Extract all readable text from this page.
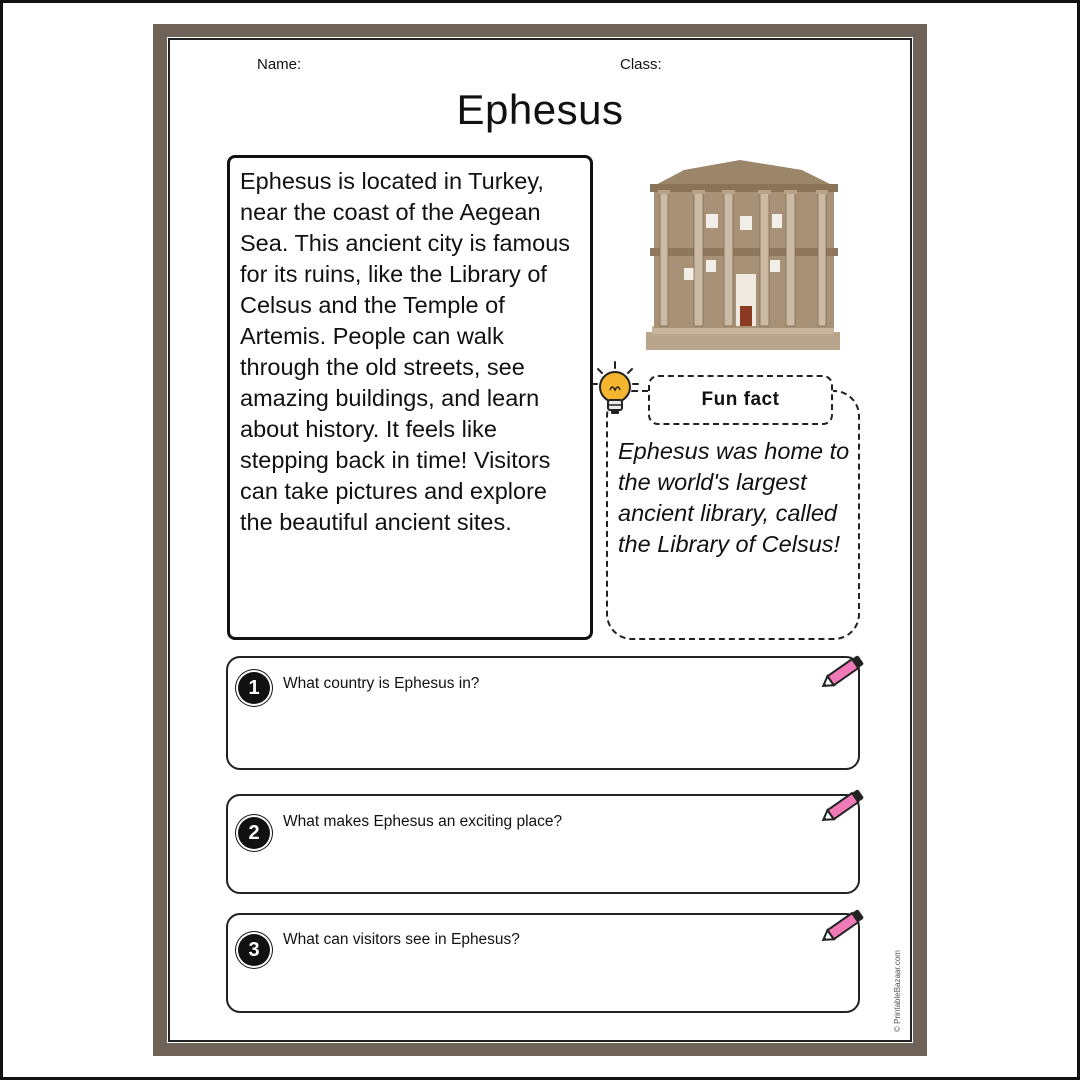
Name:	Class:
Ephesus

Ephesus is located in Turkey, near the coast of the Aegean Sea. This ancient city is famous for its ruins, like the Library of Celsus and the Temple of Artemis. People can walk through the old streets, see amazing buildings, and learn about history. It feels like stepping back in time! Visitors can take pictures and explore the beautiful ancient sites.

Fun fact
Ephesus was home to the world's largest ancient library, called the Library of Celsus!
1	What country is Ephesus in?
2	What makes Ephesus an exciting place?
3	What can visitors see in Ephesus?
© PrintableBazaar.com
